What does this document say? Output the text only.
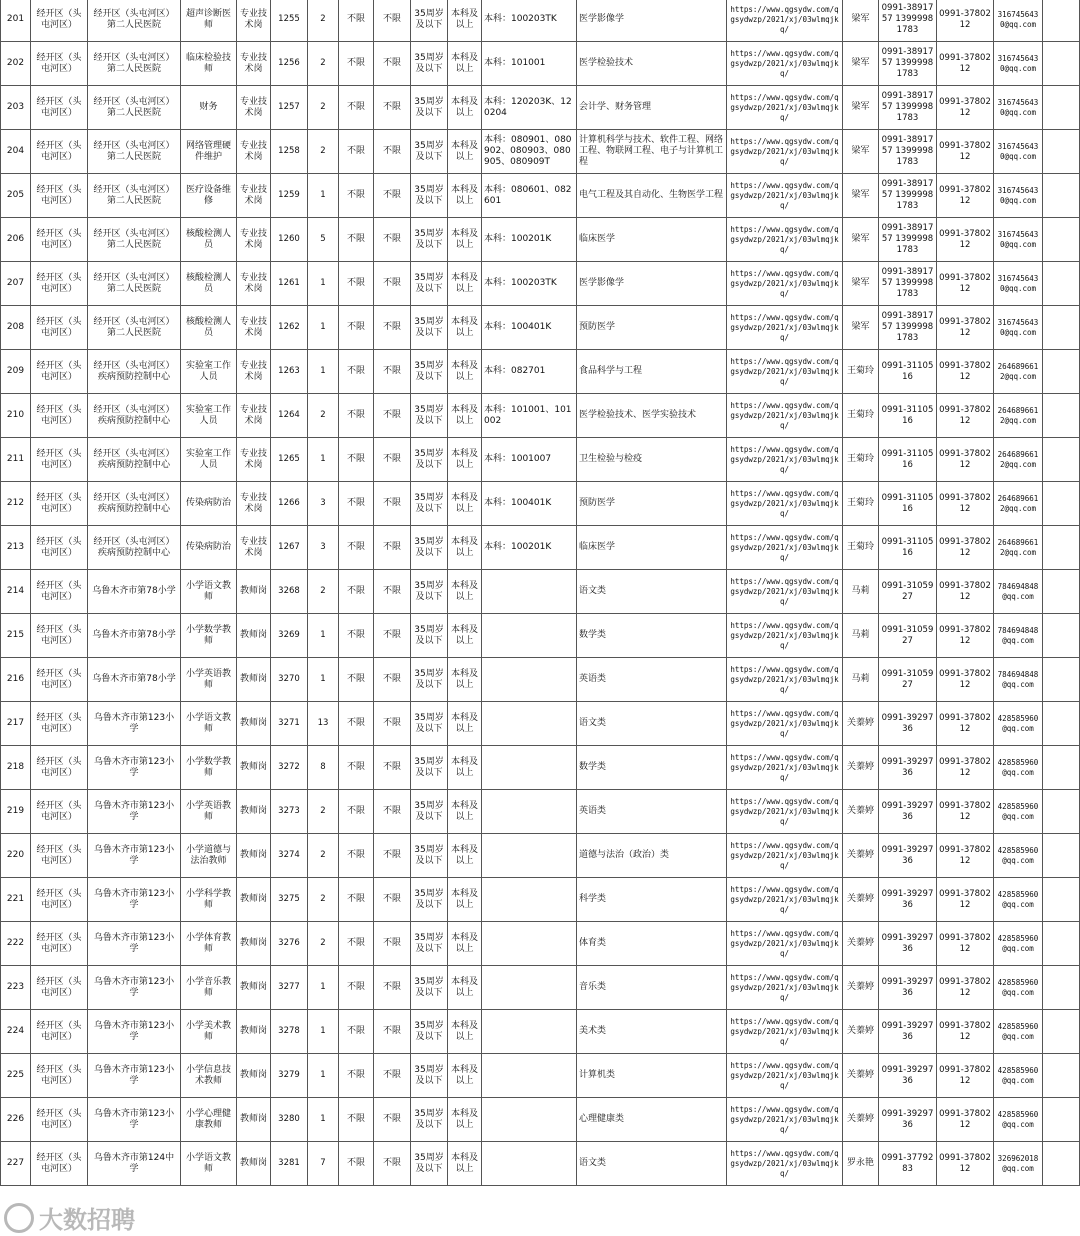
201	经开区（头屯河区）	经开区（头屯河区）第二人民医院	超声诊断医师	专业技术岗	1255	2	不限	不限	35周岁及以下	本科及以上	本科：100203TK	医学影像学	https://www.qgsydw.com/qgsydwzp/2021/xj/03wlmqjkq/	梁军	0991-3891757 13999981783	0991-3780212	3167456430@qq.com	
202	经开区（头屯河区）	经开区（头屯河区）第二人民医院	临床检验技师	专业技术岗	1256	2	不限	不限	35周岁及以下	本科及以上	本科：101001	医学检验技术	https://www.qgsydw.com/qgsydwzp/2021/xj/03wlmqjkq/	梁军	0991-3891757 13999981783	0991-3780212	3167456430@qq.com	
203	经开区（头屯河区）	经开区（头屯河区）第二人民医院	财务	专业技术岗	1257	2	不限	不限	35周岁及以下	本科及以上	本科：120203K、120204	会计学、财务管理	https://www.qgsydw.com/qgsydwzp/2021/xj/03wlmqjkq/	梁军	0991-3891757 13999981783	0991-3780212	3167456430@qq.com	
204	经开区（头屯河区）	经开区（头屯河区）第二人民医院	网络管理硬件维护	专业技术岗	1258	2	不限	不限	35周岁及以下	本科及以上	本科：080901、080902、080903、080905、080909T	计算机科学与技术、软件工程、网络工程、物联网工程、电子与计算机工程	https://www.qgsydw.com/qgsydwzp/2021/xj/03wlmqjkq/	梁军	0991-3891757 13999981783	0991-3780212	3167456430@qq.com	
205	经开区（头屯河区）	经开区（头屯河区）第二人民医院	医疗设备维修	专业技术岗	1259	1	不限	不限	35周岁及以下	本科及以上	本科：080601、082601	电气工程及其自动化、生物医学工程	https://www.qgsydw.com/qgsydwzp/2021/xj/03wlmqjkq/	梁军	0991-3891757 13999981783	0991-3780212	3167456430@qq.com	
206	经开区（头屯河区）	经开区（头屯河区）第二人民医院	核酸检测人员	专业技术岗	1260	5	不限	不限	35周岁及以下	本科及以上	本科：100201K	临床医学	https://www.qgsydw.com/qgsydwzp/2021/xj/03wlmqjkq/	梁军	0991-3891757 13999981783	0991-3780212	3167456430@qq.com	
207	经开区（头屯河区）	经开区（头屯河区）第二人民医院	核酸检测人员	专业技术岗	1261	1	不限	不限	35周岁及以下	本科及以上	本科：100203TK	医学影像学	https://www.qgsydw.com/qgsydwzp/2021/xj/03wlmqjkq/	梁军	0991-3891757 13999981783	0991-3780212	3167456430@qq.com	
208	经开区（头屯河区）	经开区（头屯河区）第二人民医院	核酸检测人员	专业技术岗	1262	1	不限	不限	35周岁及以下	本科及以上	本科：100401K	预防医学	https://www.qgsydw.com/qgsydwzp/2021/xj/03wlmqjkq/	梁军	0991-3891757 13999981783	0991-3780212	3167456430@qq.com	
209	经开区（头屯河区）	经开区（头屯河区）疾病预防控制中心	实验室工作人员	专业技术岗	1263	1	不限	不限	35周岁及以下	本科及以上	本科：082701	食品科学与工程	https://www.qgsydw.com/qgsydwzp/2021/xj/03wlmqjkq/	王菊玲	0991-3110516	0991-3780212	2646896612@qq.com	
210	经开区（头屯河区）	经开区（头屯河区）疾病预防控制中心	实验室工作人员	专业技术岗	1264	2	不限	不限	35周岁及以下	本科及以上	本科：101001、101002	医学检验技术、医学实验技术	https://www.qgsydw.com/qgsydwzp/2021/xj/03wlmqjkq/	王菊玲	0991-3110516	0991-3780212	2646896612@qq.com	
211	经开区（头屯河区）	经开区（头屯河区）疾病预防控制中心	实验室工作人员	专业技术岗	1265	1	不限	不限	35周岁及以下	本科及以上	本科：1001007	卫生检验与检疫	https://www.qgsydw.com/qgsydwzp/2021/xj/03wlmqjkq/	王菊玲	0991-3110516	0991-3780212	2646896612@qq.com	
212	经开区（头屯河区）	经开区（头屯河区）疾病预防控制中心	传染病防治	专业技术岗	1266	3	不限	不限	35周岁及以下	本科及以上	本科：100401K	预防医学	https://www.qgsydw.com/qgsydwzp/2021/xj/03wlmqjkq/	王菊玲	0991-3110516	0991-3780212	2646896612@qq.com	
213	经开区（头屯河区）	经开区（头屯河区）疾病预防控制中心	传染病防治	专业技术岗	1267	3	不限	不限	35周岁及以下	本科及以上	本科：100201K	临床医学	https://www.qgsydw.com/qgsydwzp/2021/xj/03wlmqjkq/	王菊玲	0991-3110516	0991-3780212	2646896612@qq.com	
214	经开区（头屯河区）	乌鲁木齐市第78小学	小学语文教师	教师岗	3268	2	不限	不限	35周岁及以下	本科及以上		语文类	https://www.qgsydw.com/qgsydwzp/2021/xj/03wlmqjkq/	马莉	0991-3105927	0991-3780212	784694848@qq.com	
215	经开区（头屯河区）	乌鲁木齐市第78小学	小学数学教师	教师岗	3269	1	不限	不限	35周岁及以下	本科及以上		数学类	https://www.qgsydw.com/qgsydwzp/2021/xj/03wlmqjkq/	马莉	0991-3105927	0991-3780212	784694848@qq.com	
216	经开区（头屯河区）	乌鲁木齐市第78小学	小学英语教师	教师岗	3270	1	不限	不限	35周岁及以下	本科及以上		英语类	https://www.qgsydw.com/qgsydwzp/2021/xj/03wlmqjkq/	马莉	0991-3105927	0991-3780212	784694848@qq.com	
217	经开区（头屯河区）	乌鲁木齐市第123小学	小学语文教师	教师岗	3271	13	不限	不限	35周岁及以下	本科及以上		语文类	https://www.qgsydw.com/qgsydwzp/2021/xj/03wlmqjkq/	关蓁婷	0991-3929736	0991-3780212	428585960@qq.com	
218	经开区（头屯河区）	乌鲁木齐市第123小学	小学数学教师	教师岗	3272	8	不限	不限	35周岁及以下	本科及以上		数学类	https://www.qgsydw.com/qgsydwzp/2021/xj/03wlmqjkq/	关蓁婷	0991-3929736	0991-3780212	428585960@qq.com	
219	经开区（头屯河区）	乌鲁木齐市第123小学	小学英语教师	教师岗	3273	2	不限	不限	35周岁及以下	本科及以上		英语类	https://www.qgsydw.com/qgsydwzp/2021/xj/03wlmqjkq/	关蓁婷	0991-3929736	0991-3780212	428585960@qq.com	
220	经开区（头屯河区）	乌鲁木齐市第123小学	小学道德与法治教师	教师岗	3274	2	不限	不限	35周岁及以下	本科及以上		道德与法治（政治）类	https://www.qgsydw.com/qgsydwzp/2021/xj/03wlmqjkq/	关蓁婷	0991-3929736	0991-3780212	428585960@qq.com	
221	经开区（头屯河区）	乌鲁木齐市第123小学	小学科学教师	教师岗	3275	2	不限	不限	35周岁及以下	本科及以上		科学类	https://www.qgsydw.com/qgsydwzp/2021/xj/03wlmqjkq/	关蓁婷	0991-3929736	0991-3780212	428585960@qq.com	
222	经开区（头屯河区）	乌鲁木齐市第123小学	小学体育教师	教师岗	3276	2	不限	不限	35周岁及以下	本科及以上		体育类	https://www.qgsydw.com/qgsydwzp/2021/xj/03wlmqjkq/	关蓁婷	0991-3929736	0991-3780212	428585960@qq.com	
223	经开区（头屯河区）	乌鲁木齐市第123小学	小学音乐教师	教师岗	3277	1	不限	不限	35周岁及以下	本科及以上		音乐类	https://www.qgsydw.com/qgsydwzp/2021/xj/03wlmqjkq/	关蓁婷	0991-3929736	0991-3780212	428585960@qq.com	
224	经开区（头屯河区）	乌鲁木齐市第123小学	小学美术教师	教师岗	3278	1	不限	不限	35周岁及以下	本科及以上		美术类	https://www.qgsydw.com/qgsydwzp/2021/xj/03wlmqjkq/	关蓁婷	0991-3929736	0991-3780212	428585960@qq.com	
225	经开区（头屯河区）	乌鲁木齐市第123小学	小学信息技术教师	教师岗	3279	1	不限	不限	35周岁及以下	本科及以上		计算机类	https://www.qgsydw.com/qgsydwzp/2021/xj/03wlmqjkq/	关蓁婷	0991-3929736	0991-3780212	428585960@qq.com	
226	经开区（头屯河区）	乌鲁木齐市第123小学	小学心理健康教师	教师岗	3280	1	不限	不限	35周岁及以下	本科及以上		心理健康类	https://www.qgsydw.com/qgsydwzp/2021/xj/03wlmqjkq/	关蓁婷	0991-3929736	0991-3780212	428585960@qq.com	
227	经开区（头屯河区）	乌鲁木齐市第124中学	小学语文教师	教师岗	3281	7	不限	不限	35周岁及以下	本科及以上		语文类	https://www.qgsydw.com/qgsydwzp/2021/xj/03wlmqjkq/	罗永艳	0991-3779283	0991-3780212	326962018@qq.com	
大数招聘
